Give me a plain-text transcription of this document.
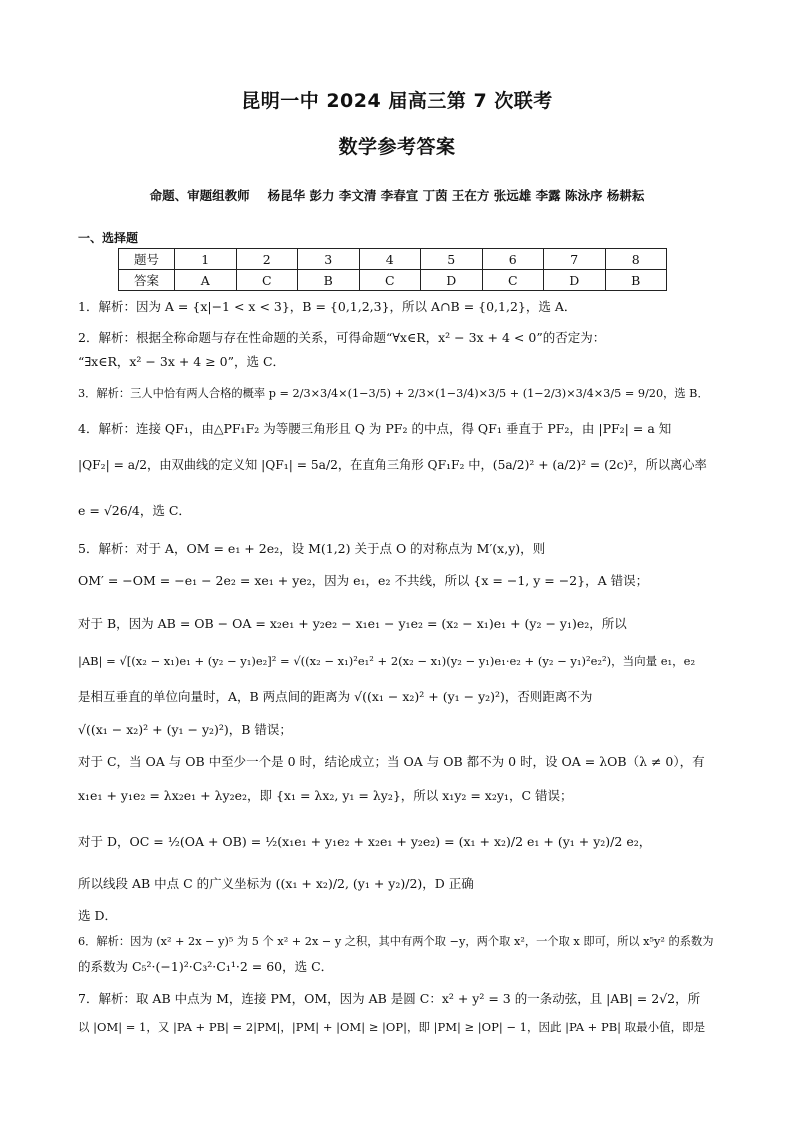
昆明一中 2024 届高三第 7 次联考
数学参考答案
命题、审题组教师 杨昆华 彭力 李文清 李春宣 丁茵 王在方 张远雄 李露 陈泳序 杨耕耘
一、选择题
题号	1	2	3	4	5	6	7	8
答案	A	C	B	C	D	C	D	B
1．解析：因为 A = {x|−1 < x < 3}，B = {0,1,2,3}，所以 A∩B = {0,1,2}，选 A．
2．解析：根据全称命题与存在性命题的关系，可得命题“∀x∈R，x² − 3x + 4 < 0”的否定为：
“∃x∈R，x² − 3x + 4 ≥ 0”，选 C．
3．解析：三人中恰有两人合格的概率 p = 2/3×3/4×(1−3/5) + 2/3×(1−3/4)×3/5 + (1−2/3)×3/4×3/5 = 9/20，选 B．
4．解析：连接 QF₁，由△PF₁F₂ 为等腰三角形且 Q 为 PF₂ 的中点，得 QF₁ 垂直于 PF₂，由 |PF₂| = a 知
|QF₂| = a/2，由双曲线的定义知 |QF₁| = 5a/2，在直角三角形 QF₁F₂ 中，(5a/2)² + (a/2)² = (2c)²，所以离心率
e = √26/4，选 C．
5．解析：对于 A，OM = e₁ + 2e₂，设 M(1,2) 关于点 O 的对称点为 M′(x,y)，则
OM′ = −OM = −e₁ − 2e₂ = xe₁ + ye₂，因为 e₁，e₂ 不共线，所以 {x = −1, y = −2}，A 错误；
对于 B，因为 AB = OB − OA = x₂e₁ + y₂e₂ − x₁e₁ − y₁e₂ = (x₂ − x₁)e₁ + (y₂ − y₁)e₂，所以
|AB| = √[(x₂ − x₁)e₁ + (y₂ − y₁)e₂]² = √((x₂ − x₁)²e₁² + 2(x₂ − x₁)(y₂ − y₁)e₁·e₂ + (y₂ − y₁)²e₂²)，当向量 e₁，e₂
是相互垂直的单位向量时，A，B 两点间的距离为 √((x₁ − x₂)² + (y₁ − y₂)²)，否则距离不为
√((x₁ − x₂)² + (y₁ − y₂)²)，B 错误；
对于 C，当 OA 与 OB 中至少一个是 0 时，结论成立；当 OA 与 OB 都不为 0 时，设 OA = λOB（λ ≠ 0），有
x₁e₁ + y₁e₂ = λx₂e₁ + λy₂e₂，即 {x₁ = λx₂, y₁ = λy₂}，所以 x₁y₂ = x₂y₁，C 错误；
对于 D，OC = ½(OA + OB) = ½(x₁e₁ + y₁e₂ + x₂e₁ + y₂e₂) = (x₁ + x₂)/2 e₁ + (y₁ + y₂)/2 e₂，
所以线段 AB 中点 C 的广义坐标为 ((x₁ + x₂)/2, (y₁ + y₂)/2)，D 正确
选 D．
6．解析：因为 (x² + 2x − y)⁵ 为 5 个 x² + 2x − y 之积，其中有两个取 −y，两个取 x²，一个取 x 即可，所以 x⁵y² 的系数为
的系数为 C₅²·(−1)²·C₃²·C₁¹·2 = 60，选 C．
7．解析：取 AB 中点为 M，连接 PM，OM，因为 AB 是圆 C：x² + y² = 3 的一条动弦，且 |AB| = 2√2，所
以 |OM| = 1，又 |PA + PB| = 2|PM|，|PM| + |OM| ≥ |OP|，即 |PM| ≥ |OP| − 1，因此 |PA + PB| 取最小值，即是
